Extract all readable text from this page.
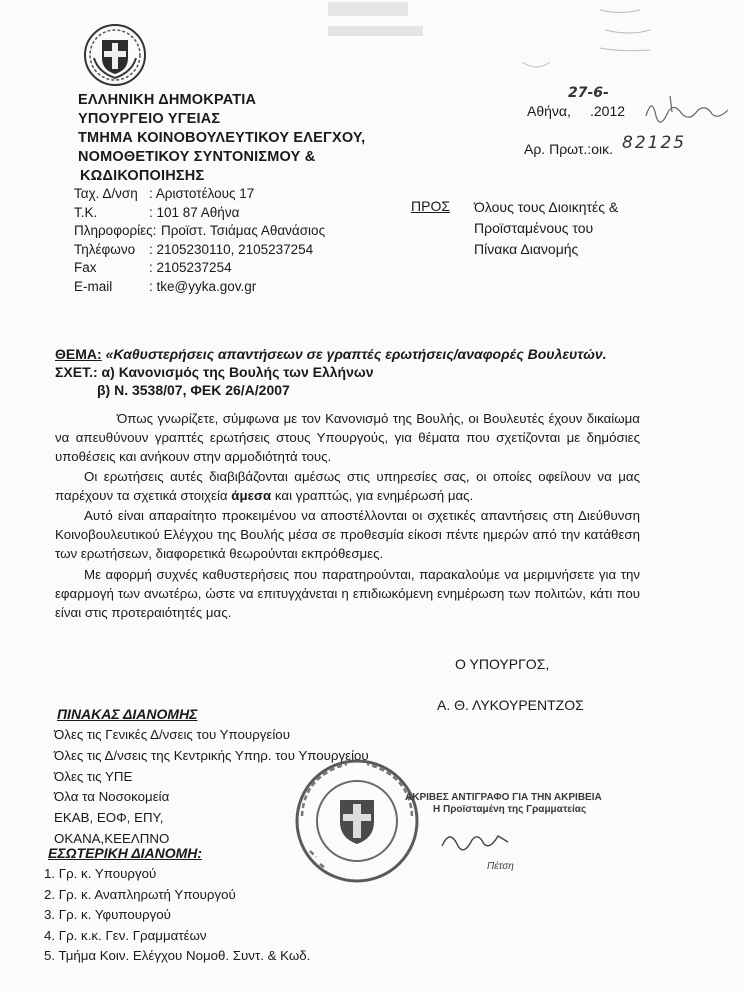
ΕΛΛΗΝΙΚΗ ΔΗΜΟΚΡΑΤΙΑ
ΥΠΟΥΡΓΕΙΟ ΥΓΕΙΑΣ
ΤΜΗΜΑ ΚΟΙΝΟΒΟΥΛΕΥΤΙΚΟΥ ΕΛΕΓΧΟΥ,
ΝΟΜΟΘΕΤΙΚΟΥ ΣΥΝΤΟΝΙΣΜΟΥ &
ΚΩΔΙΚΟΠΟΙΗΣΗΣ
Ταχ. Δ/νση : Αριστοτέλους 17
Τ.Κ.	: 101 87 Αθήνα
Πληροφορίες: Προϊστ. Τσιάμας Αθανάσιος
Τηλέφωνο : 2105230110, 2105237254
Fax	: 2105237254
E-mail	: tke@yyka.gov.gr
Αθήνα,
27-6-
.2012
Αρ. Πρωτ.:οικ. 82125
ΠΡΟΣ Όλους τους Διοικητές &
Προϊσταμένους του
Πίνακα Διανομής
ΘΕΜΑ: «Καθυστερήσεις απαντήσεων σε γραπτές ερωτήσεις/αναφορές Βουλευτών.
ΣΧΕΤ.: α) Κανονισμός της Βουλής των Ελλήνων
β) Ν. 3538/07, ΦΕΚ 26/Α/2007
Όπως γνωρίζετε, σύμφωνα με τον Κανονισμό της Βουλής, οι Βουλευτές έχουν δικαίωμα να απευθύνουν γραπτές ερωτήσεις στους Υπουργούς, για θέματα που σχετίζονται με δημόσιες υποθέσεις και ανήκουν στην αρμοδιότητά τους.
Οι ερωτήσεις αυτές διαβιβάζονται αμέσως στις υπηρεσίες σας, οι οποίες οφείλουν να μας παρέχουν τα σχετικά στοιχεία άμεσα και γραπτώς, για ενημέρωσή μας.
Αυτό είναι απαραίτητο προκειμένου να αποστέλλονται οι σχετικές απαντήσεις στη Διεύθυνση Κοινοβουλευτικού Ελέγχου της Βουλής μέσα σε προθεσμία είκοσι πέντε ημερών από την κατάθεση των ερωτήσεων, διαφορετικά θεωρούνται εκπρόθεσμες.
Με αφορμή συχνές καθυστερήσεις που παρατηρούνται, παρακαλούμε να μεριμνήσετε για την εφαρμογή των ανωτέρω, ώστε να επιτυγχάνεται η επιδιωκόμενη ενημέρωση των πολιτών, κάτι που είναι στις προτεραιότητές μας.
Ο ΥΠΟΥΡΓΟΣ,
Α. Θ. ΛΥΚΟΥΡΕΝΤΖΟΣ
ΠΙΝΑΚΑΣ ΔΙΑΝΟΜΗΣ
Όλες τις Γενικές Δ/νσεις του Υπουργείου
Όλες τις Δ/νσεις της Κεντρικής Υπηρ. του Υπουργείου
Όλες τις ΥΠΕ
Όλα τα Νοσοκομεία
ΕΚΑΒ, ΕΟΦ, ΕΠΥ,
ΟΚΑΝΑ,ΚΕΕΛΠΝΟ
ΕΣΩΤΕΡΙΚΗ ΔΙΑΝΟΜΗ:
1. Γρ. κ. Υπουργού
2. Γρ. κ. Αναπληρωτή Υπουργού
3. Γρ. κ. Υφυπουργού
4. Γρ. κ.κ. Γεν. Γραμματέων
5. Τμήμα Κοιν. Ελέγχου Νομοθ. Συντ. & Κωδ.
ΑΚΡΙΒΕΣ ΑΝΤΙΓΡΑΦΟ ΓΙΑ ΤΗΝ ΑΚΡΙΒΕΙΑ
Η Προϊσταμένη της Γραμματείας
Πέτση
